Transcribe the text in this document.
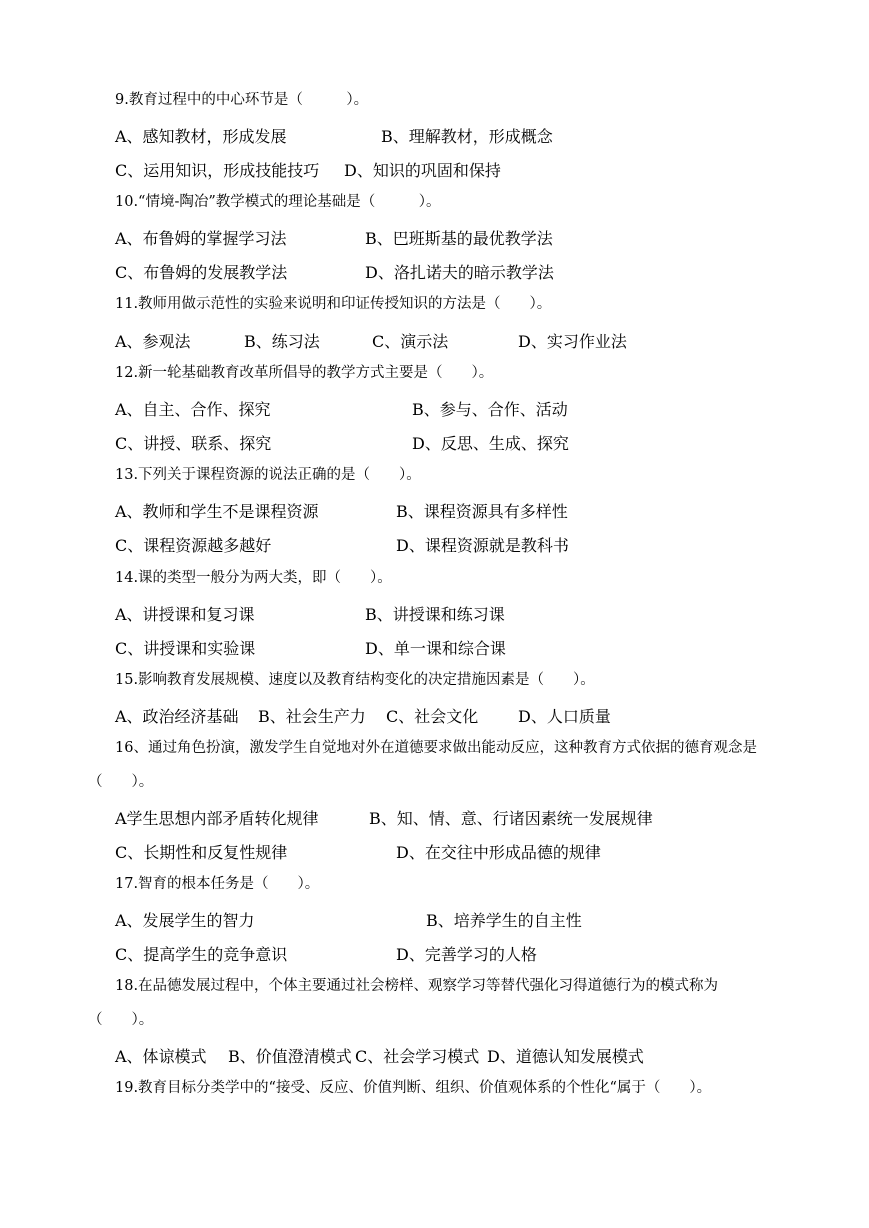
9.教育过程中的中心环节是（　　　）。
A、感知教材，形成发展	B、理解教材，形成概念
C、运用知识，形成技能技巧 D、知识的巩固和保持
10.“情境-陶冶”教学模式的理论基础是（　　　）。
A、布鲁姆的掌握学习法	B、巴班斯基的最优教学法
C、布鲁姆的发展教学法	D、洛扎诺夫的暗示教学法
11.教师用做示范性的实验来说明和印证传授知识的方法是（　　）。
A、参观法	B、练习法	C、演示法	D、实习作业法
12.新一轮基础教育改革所倡导的教学方式主要是（　　）。
A、自主、合作、探究	B、参与、合作、活动
C、讲授、联系、探究	D、反思、生成、探究
13.下列关于课程资源的说法正确的是（　　）。
A、教师和学生不是课程资源	B、课程资源具有多样性
C、课程资源越多越好	D、课程资源就是教科书
14.课的类型一般分为两大类，即（　　）。
A、讲授课和复习课	B、讲授课和练习课
C、讲授课和实验课	D、单一课和综合课
15.影响教育发展规模、速度以及教育结构变化的决定措施因素是（　　）。
A、政治经济基础 B、社会生产力 C、社会文化 D、人口质量
16、通过角色扮演，激发学生自觉地对外在道德要求做出能动反应，这种教育方式依据的德育观念是
（　　）。
A学生思想内部矛盾转化规律	B、知、情、意、行诸因素统一发展规律
C、长期性和反复性规律	D、在交往中形成品德的规律
17.智育的根本任务是（　　）。
A、发展学生的智力	B、培养学生的自主性
C、提高学生的竞争意识	D、完善学习的人格
18.在品德发展过程中，个体主要通过社会榜样、观察学习等替代强化习得道德行为的模式称为
（　　）。
A、体谅模式 B、价值澄清模式 C、社会学习模式 D、道德认知发展模式
19.教育目标分类学中的“接受、反应、价值判断、组织、价值观体系的个性化“属于（　　）。
